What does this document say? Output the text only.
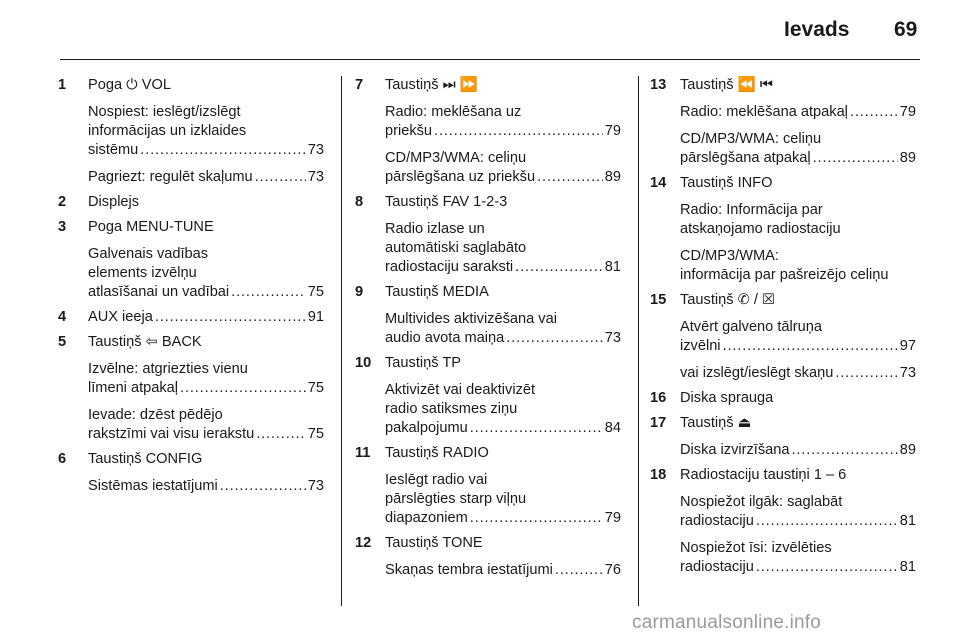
Ievads 69
1 Poga ⏻ VOL
Nospiest: ieslēgt/izslēgt
informācijas un izklaides
sistēmu . . .	73
Pagriezt: regulēt skaļumu . . .	73
2 Displejs
3 Poga MENU-TUNE
Galvenais vadības
elements izvēlņu
atlasīšanai un vadībai . . .	75
4 AUX ieeja . . .	91
5 Taustiņš ⇦ BACK
Izvēlne: atgriezties vienu
līmeni atpakaļ . . .	75
Ievade: dzēst pēdējo
rakstzīmi vai visu ierakstu . . .	75
6 Taustiņš CONFIG
Sistēmas iestatījumi . . .	73
7 Taustiņš ⏭ ⏩
Radio: meklēšana uz
priekšu . . .	79
CD/MP3/WMA: celiņu
pārslēgšana uz priekšu . . .	89
8 Taustiņš FAV 1-2-3
Radio izlase un
automātiski saglabāto
radiostaciju saraksti . . .	81
9 Taustiņš MEDIA
Multivides aktivizēšana vai
audio avota maiņa . . .	73
10 Taustiņš TP
Aktivizēt vai deaktivizēt
radio satiksmes ziņu
pakalpojumu . . .	84
11 Taustiņš RADIO
Ieslēgt radio vai
pārslēgties starp viļņu
diapazoniem . . .	79
12 Taustiņš TONE
Skaņas tembra iestatījumi . . .	76
13 Taustiņš ⏪ ⏮
Radio: meklēšana atpakaļ . . .	79
CD/MP3/WMA: celiņu
pārslēgšana atpakaļ . . .	89
14 Taustiņš INFO
Radio: Informācija par
atskaņojamo radiostaciju
CD/MP3/WMA:
informācija par pašreizējo celiņu
15 Taustiņš ✆ / ☒
Atvērt galveno tālruņa
izvēlni . . .	97
vai izslēgt/ieslēgt skaņu . . .	73
16 Diska sprauga
17 Taustiņš ⏏
Diska izvirzīšana . . .	89
18 Radiostaciju taustiņi 1 – 6
Nospiežot ilgāk: saglabāt
radiostaciju . . .	81
Nospiežot īsi: izvēlēties
radiostaciju . . .	81
carmanualsonline.info
